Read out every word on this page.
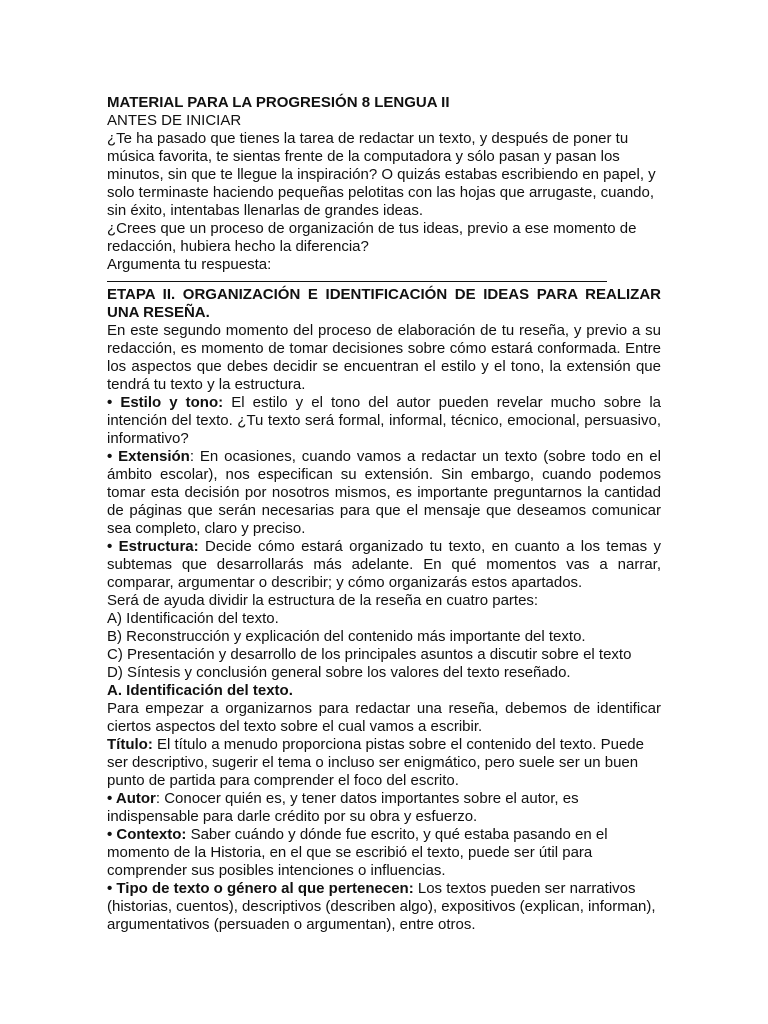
MATERIAL PARA LA PROGRESIÓN 8 LENGUA II

ANTES DE INICIAR

¿Te ha pasado que tienes la tarea de redactar un texto, y después de poner tu música favorita, te sientas frente de la computadora y sólo pasan y pasan los minutos, sin que te llegue la inspiración? O quizás estabas escribiendo en papel, y solo terminaste haciendo pequeñas pelotitas con las hojas que arrugaste, cuando, sin éxito, intentabas llenarlas de grandes ideas.

¿Crees que un proceso de organización de tus ideas, previo a ese momento de redacción, hubiera hecho la diferencia?

Argumenta tu respuesta:

ETAPA II. ORGANIZACIÓN E IDENTIFICACIÓN DE IDEAS PARA REALIZAR UNA RESEÑA.

En este segundo momento del proceso de elaboración de tu reseña, y previo a su redacción, es momento de tomar decisiones sobre cómo estará conformada. Entre los aspectos que debes decidir se encuentran el estilo y el tono, la extensión que tendrá tu texto y la estructura.

• Estilo y tono: El estilo y el tono del autor pueden revelar mucho sobre la intención del texto. ¿Tu texto será formal, informal, técnico, emocional, persuasivo, informativo?

• Extensión: En ocasiones, cuando vamos a redactar un texto (sobre todo en el ámbito escolar), nos especifican su extensión. Sin embargo, cuando podemos tomar esta decisión por nosotros mismos, es importante preguntarnos la cantidad de páginas que serán necesarias para que el mensaje que deseamos comunicar sea completo, claro y preciso.

• Estructura: Decide cómo estará organizado tu texto, en cuanto a los temas y subtemas que desarrollarás más adelante. En qué momentos vas a narrar, comparar, argumentar o describir; y cómo organizarás estos apartados.

Será de ayuda dividir la estructura de la reseña en cuatro partes:

A) Identificación del texto.

B) Reconstrucción y explicación del contenido más importante del texto.

C) Presentación y desarrollo de los principales asuntos a discutir sobre el texto

D) Síntesis y conclusión general sobre los valores del texto reseñado.

A. Identificación del texto.

Para empezar a organizarnos para redactar una reseña, debemos de identificar ciertos aspectos del texto sobre el cual vamos a escribir.

Título: El título a menudo proporciona pistas sobre el contenido del texto. Puede ser descriptivo, sugerir el tema o incluso ser enigmático, pero suele ser un buen punto de partida para comprender el foco del escrito.

• Autor: Conocer quién es, y tener datos importantes sobre el autor, es indispensable para darle crédito por su obra y esfuerzo.

• Contexto: Saber cuándo y dónde fue escrito, y qué estaba pasando en el momento de la Historia, en el que se escribió el texto, puede ser útil para comprender sus posibles intenciones o influencias.

• Tipo de texto o género al que pertenecen: Los textos pueden ser narrativos (historias, cuentos), descriptivos (describen algo), expositivos (explican, informan), argumentativos (persuaden o argumentan), entre otros.
